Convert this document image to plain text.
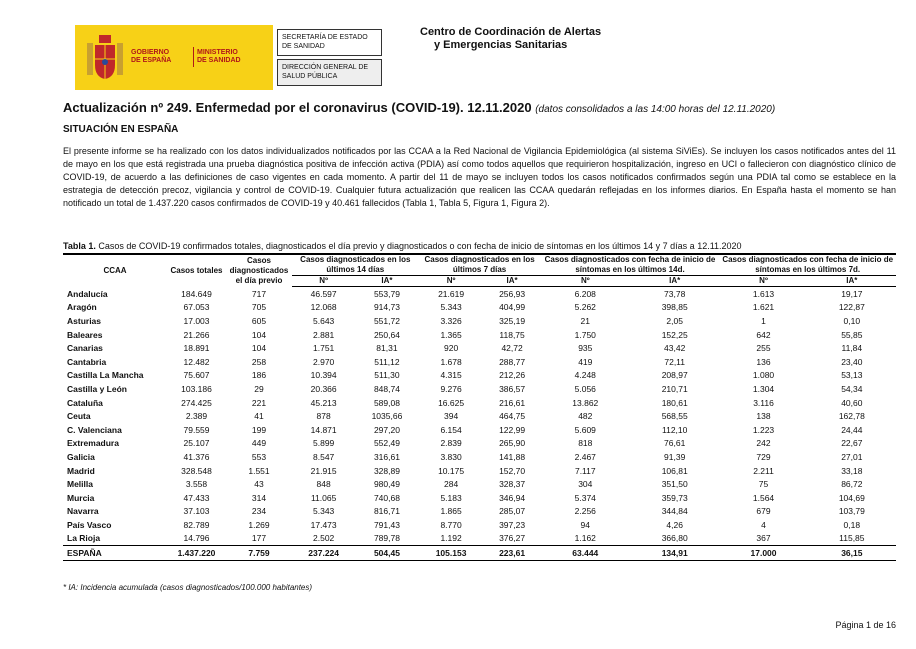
GOBIERNO
DE ESPAÑA
MINISTERIO
DE SANIDAD
SECRETARÍA DE ESTADO
DE SANIDAD
DIRECCIÓN GENERAL DE
SALUD PÚBLICA
Centro de Coordinación de Alertas
y Emergencias Sanitarias
Actualización nº 249. Enfermedad por el coronavirus (COVID-19). 12.11.2020 (datos consolidados a las 14:00 horas del 12.11.2020)
SITUACIÓN EN ESPAÑA
El presente informe se ha realizado con los datos individualizados notificados por las CCAA a la Red Nacional de Vigilancia Epidemiológica (al sistema SiViEs). Se incluyen los casos notificados antes del 11 de mayo en los que está registrada una prueba diagnóstica positiva de infección activa (PDIA) así como todos aquellos que requirieron hospitalización, ingreso en UCI o fallecieron con diagnóstico clínico de COVID-19, de acuerdo a las definiciones de caso vigentes en cada momento. A partir del 11 de mayo se incluyen todos los casos notificados confirmados según una PDIA tal como se establece en la estrategia de detección precoz, vigilancia y control de COVID-19. Cualquier futura actualización que realicen las CCAA quedarán reflejadas en los informes diarios. En España hasta el momento se han notificado un total de 1.437.220 casos confirmados de COVID-19 y 40.461 fallecidos (Tabla 1, Tabla 5, Figura 1, Figura 2).
Tabla 1. Casos de COVID-19 confirmados totales, diagnosticados el día previo y diagnosticados o con fecha de inicio de síntomas en los últimos 14 y 7 días a 12.11.2020
CCAA	Casos totales	Casos diagnosticados el día previo	Casos diagnosticados en los últimos 14 días		Casos diagnosticados en los últimos 7 días		Casos diagnosticados con fecha de inicio de síntomas en los últimos 14d.		Casos diagnosticados con fecha de inicio de síntomas en los últimos 7d.	
			Nº	IA*	Nº	IA*	Nº	IA*	Nº	IA*
Andalucía	184.649	717	46.597	553,79	21.619	256,93	6.208	73,78	1.613	19,17
Aragón	67.053	705	12.068	914,73	5.343	404,99	5.262	398,85	1.621	122,87
Asturias	17.003	605	5.643	551,72	3.326	325,19	21	2,05	1	0,10
Baleares	21.266	104	2.881	250,64	1.365	118,75	1.750	152,25	642	55,85
Canarias	18.891	104	1.751	81,31	920	42,72	935	43,42	255	11,84
Cantabria	12.482	258	2.970	511,12	1.678	288,77	419	72,11	136	23,40
Castilla La Mancha	75.607	186	10.394	511,30	4.315	212,26	4.248	208,97	1.080	53,13
Castilla y León	103.186	29	20.366	848,74	9.276	386,57	5.056	210,71	1.304	54,34
Cataluña	274.425	221	45.213	589,08	16.625	216,61	13.862	180,61	3.116	40,60
Ceuta	2.389	41	878	1035,66	394	464,75	482	568,55	138	162,78
C. Valenciana	79.559	199	14.871	297,20	6.154	122,99	5.609	112,10	1.223	24,44
Extremadura	25.107	449	5.899	552,49	2.839	265,90	818	76,61	242	22,67
Galicia	41.376	553	8.547	316,61	3.830	141,88	2.467	91,39	729	27,01
Madrid	328.548	1.551	21.915	328,89	10.175	152,70	7.117	106,81	2.211	33,18
Melilla	3.558	43	848	980,49	284	328,37	304	351,50	75	86,72
Murcia	47.433	314	11.065	740,68	5.183	346,94	5.374	359,73	1.564	104,69
Navarra	37.103	234	5.343	816,71	1.865	285,07	2.256	344,84	679	103,79
País Vasco	82.789	1.269	17.473	791,43	8.770	397,23	94	4,26	4	0,18
La Rioja	14.796	177	2.502	789,78	1.192	376,27	1.162	366,80	367	115,85
ESPAÑA	1.437.220	7.759	237.224	504,45	105.153	223,61	63.444	134,91	17.000	36,15
* IA: Incidencia acumulada (casos diagnosticados/100.000 habitantes)
Página 1 de 16
